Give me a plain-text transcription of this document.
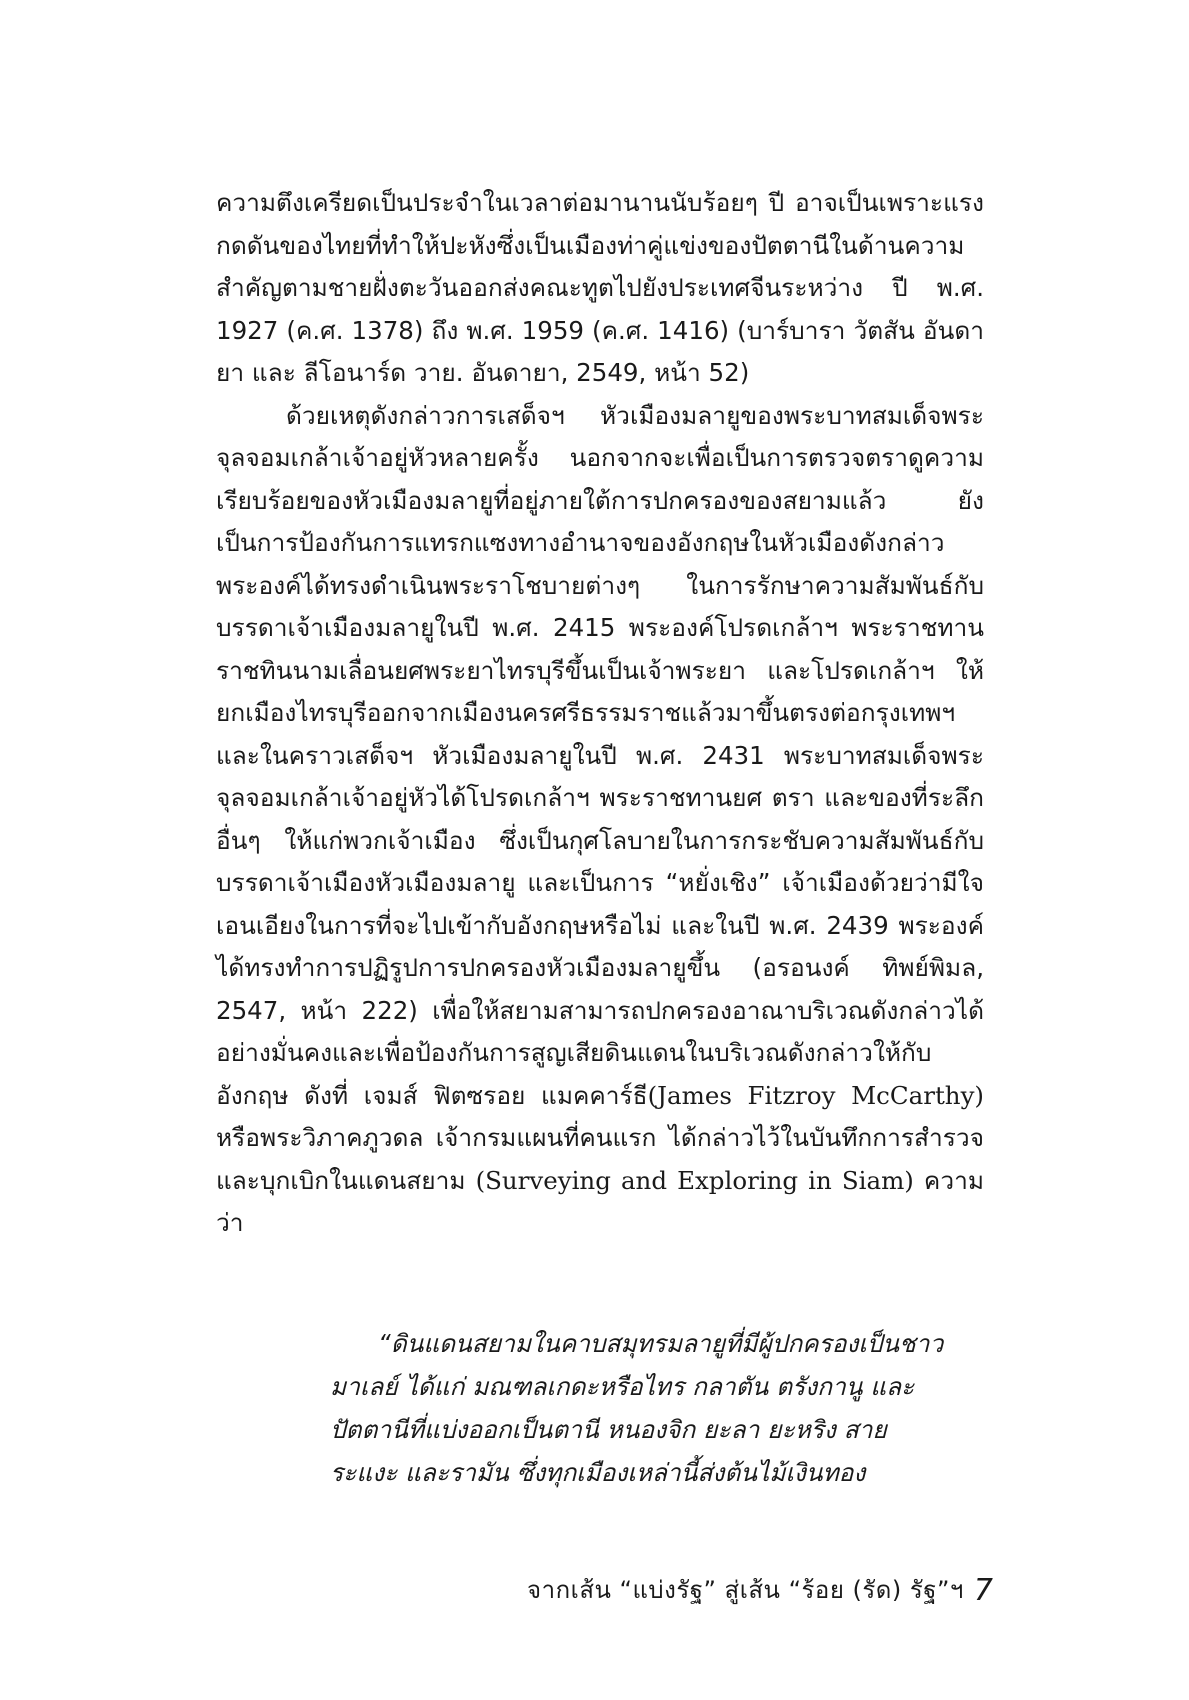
ความตึงเครียดเป็นประจำในเวลาต่อมานานนับร้อยๆ ปี อาจเป็นเพราะแรงกดดันของไทยที่ทำให้ปะหังซึ่งเป็นเมืองท่าคู่แข่งของปัตตานีในด้านความสำคัญตามชายฝั่งตะวันออกส่งคณะทูตไปยังประเทศจีนระหว่าง ปี พ.ศ. 1927 (ค.ศ. 1378) ถึง พ.ศ. 1959 (ค.ศ. 1416) (บาร์บารา วัตสัน อันดายา และ ลีโอนาร์ด วาย. อันดายา, 2549, หน้า 52)

ด้วยเหตุดังกล่าวการเสด็จฯ หัวเมืองมลายูของพระบาทสมเด็จพระจุลจอมเกล้าเจ้าอยู่หัวหลายครั้ง นอกจากจะเพื่อเป็นการตรวจตราดูความเรียบร้อยของหัวเมืองมลายูที่อยู่ภายใต้การปกครองของสยามแล้ว ยังเป็นการป้องกันการแทรกแซงทางอำนาจของอังกฤษในหัวเมืองดังกล่าวพระองค์ได้ทรงดำเนินพระราโชบายต่างๆ ในการรักษาความสัมพันธ์กับบรรดาเจ้าเมืองมลายูในปี พ.ศ. 2415 พระองค์โปรดเกล้าฯ พระราชทานราชทินนามเลื่อนยศพระยาไทรบุรีขึ้นเป็นเจ้าพระยา และโปรดเกล้าฯ ให้ยกเมืองไทรบุรีออกจากเมืองนครศรีธรรมราชแล้วมาขึ้นตรงต่อกรุงเทพฯ และในคราวเสด็จฯ หัวเมืองมลายูในปี พ.ศ. 2431 พระบาทสมเด็จพระจุลจอมเกล้าเจ้าอยู่หัวได้โปรดเกล้าฯ พระราชทานยศ ตรา และของที่ระลึกอื่นๆ ให้แก่พวกเจ้าเมือง ซึ่งเป็นกุศโลบายในการกระชับความสัมพันธ์กับบรรดาเจ้าเมืองหัวเมืองมลายู และเป็นการ “หยั่งเชิง” เจ้าเมืองด้วยว่ามีใจเอนเอียงในการที่จะไปเข้ากับอังกฤษหรือไม่ และในปี พ.ศ. 2439 พระองค์ได้ทรงทำการปฏิรูปการปกครองหัวเมืองมลายูขึ้น (อรอนงค์ ทิพย์พิมล, 2547, หน้า 222) เพื่อให้สยามสามารถปกครองอาณาบริเวณดังกล่าวได้อย่างมั่นคงและเพื่อป้องกันการสูญเสียดินแดนในบริเวณดังกล่าวให้กับอังกฤษ ดังที่ เจมส์ ฟิตซรอย แมคคาร์ธี(James Fitzroy McCarthy) หรือพระวิภาคภูวดล เจ้ากรมแผนที่คนแรก ได้กล่าวไว้ในบันทึกการสำรวจและบุกเบิกในแดนสยาม (Surveying and Exploring in Siam) ความว่า

“ดินแดนสยามในคาบสมุทรมลายูที่มีผู้ปกครองเป็นชาวมาเลย์ ได้แก่ มณฑลเกดะหรือไทร กลาตัน ตรังกานู และปัตตานีที่แบ่งออกเป็นตานี หนองจิก ยะลา ยะหริง สาย ระแงะ และรามัน ซึ่งทุกเมืองเหล่านี้ส่งต้นไม้เงินทอง

จากเส้น “แบ่งรัฐ” สู่เส้น “ร้อย (รัด) รัฐ”ฯ 7
